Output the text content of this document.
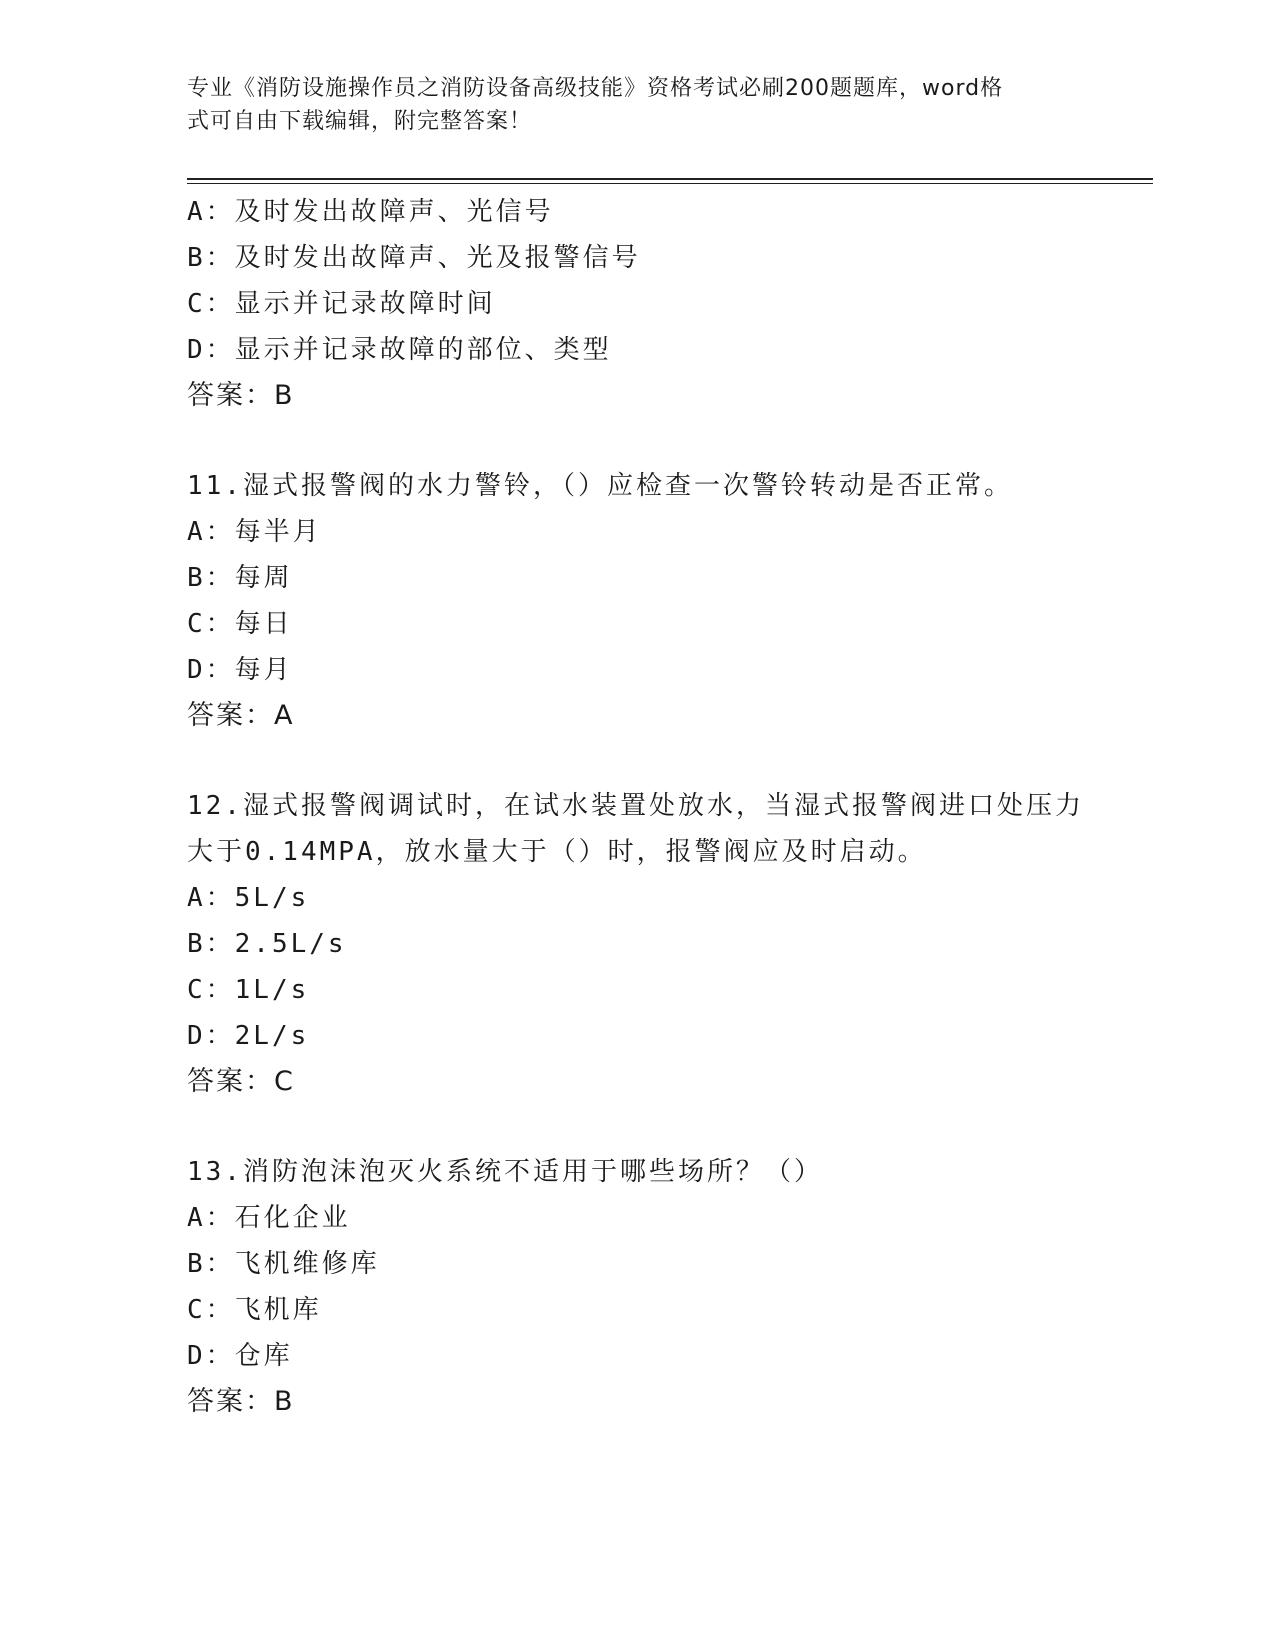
专业《消防设施操作员之消防设备高级技能》资格考试必刷200题题库，word格
式可自由下载编辑，附完整答案！
A：及时发出故障声、光信号
B：及时发出故障声、光及报警信号
C：显示并记录故障时间
D：显示并记录故障的部位、类型
答案：B
11.湿式报警阀的水力警铃，（）应检查一次警铃转动是否正常。
A：每半月
B：每周
C：每日
D：每月
答案：A
12.湿式报警阀调试时，在试水装置处放水，当湿式报警阀进口处压力
大于0.14MPA，放水量大于（）时，报警阀应及时启动。
A：5L/s
B：2.5L/s
C：1L/s
D：2L/s
答案：C
13.消防泡沫泡灭火系统不适用于哪些场所？（）
A：石化企业
B：飞机维修库
C：飞机库
D：仓库
答案：B
